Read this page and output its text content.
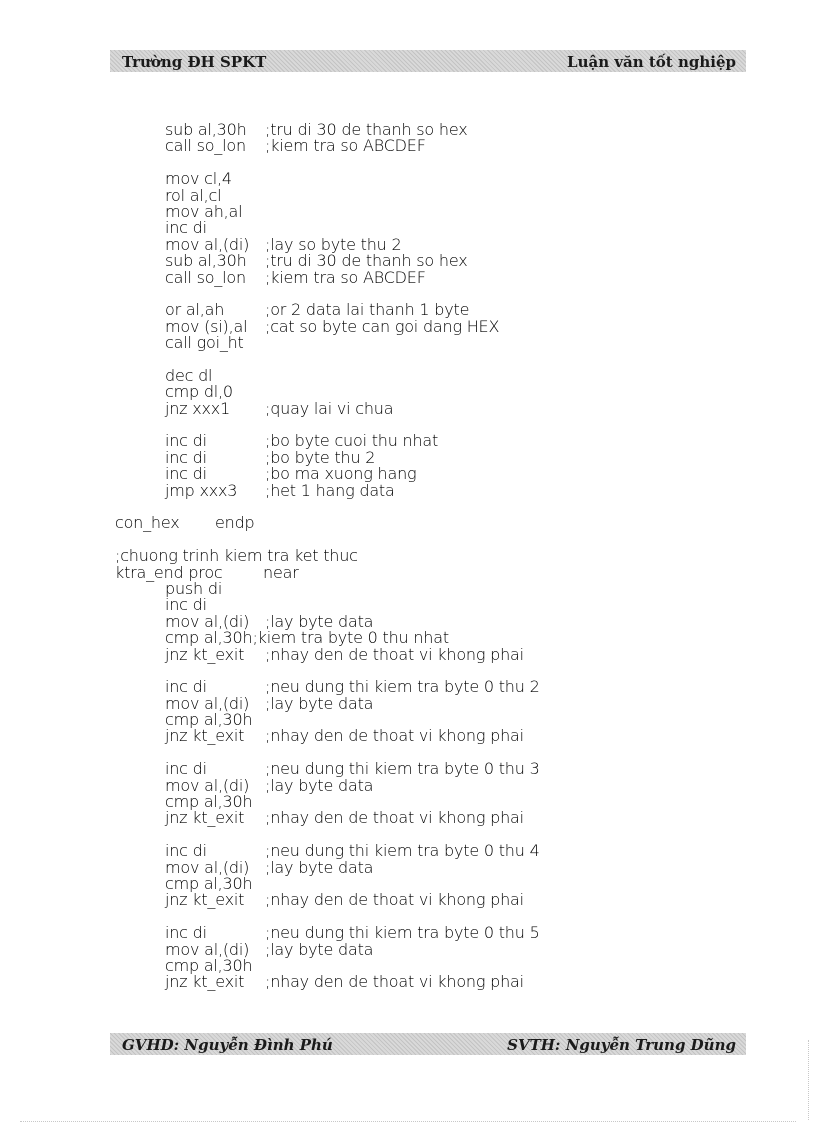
Trường ĐH SPKT	Luận văn tốt nghiệp
sub al,30h ;tru di 30 de thanh so hex
call so_lon ;kiem tra so ABCDEF
mov cl,4
rol al,cl
mov ah,al
inc di
mov al,(di) ;lay so byte thu 2
sub al,30h ;tru di 30 de thanh so hex
call so_lon ;kiem tra so ABCDEF
or al,ah	;or 2 data lai thanh 1 byte
mov (si),al ;cat so byte can goi dang HEX
call goi_ht
dec dl
cmp dl,0
jnz xxx1 ;quay lai vi chua
inc di	;bo byte cuoi thu nhat
inc di	;bo byte thu 2
inc di	;bo ma xuong hang
jmp xxx3 ;het 1 hang data
con_hex endp
;chuong trinh kiem tra ket thuc
ktra_end proc	near
push di
inc di
mov al,(di) ;lay byte data
cmp al,30h;kiem tra byte 0 thu nhat
jnz kt_exit ;nhay den de thoat vi khong phai
inc di	;neu dung thi kiem tra byte 0 thu 2
mov al,(di) ;lay byte data
cmp al,30h
jnz kt_exit ;nhay den de thoat vi khong phai
inc di	;neu dung thi kiem tra byte 0 thu 3
mov al,(di) ;lay byte data
cmp al,30h
jnz kt_exit ;nhay den de thoat vi khong phai
inc di	;neu dung thi kiem tra byte 0 thu 4
mov al,(di) ;lay byte data
cmp al,30h
jnz kt_exit ;nhay den de thoat vi khong phai
inc di	;neu dung thi kiem tra byte 0 thu 5
mov al,(di) ;lay byte data
cmp al,30h
jnz kt_exit ;nhay den de thoat vi khong phai
GVHD: Nguyễn Đình Phú	SVTH: Nguyễn Trung Dũng
